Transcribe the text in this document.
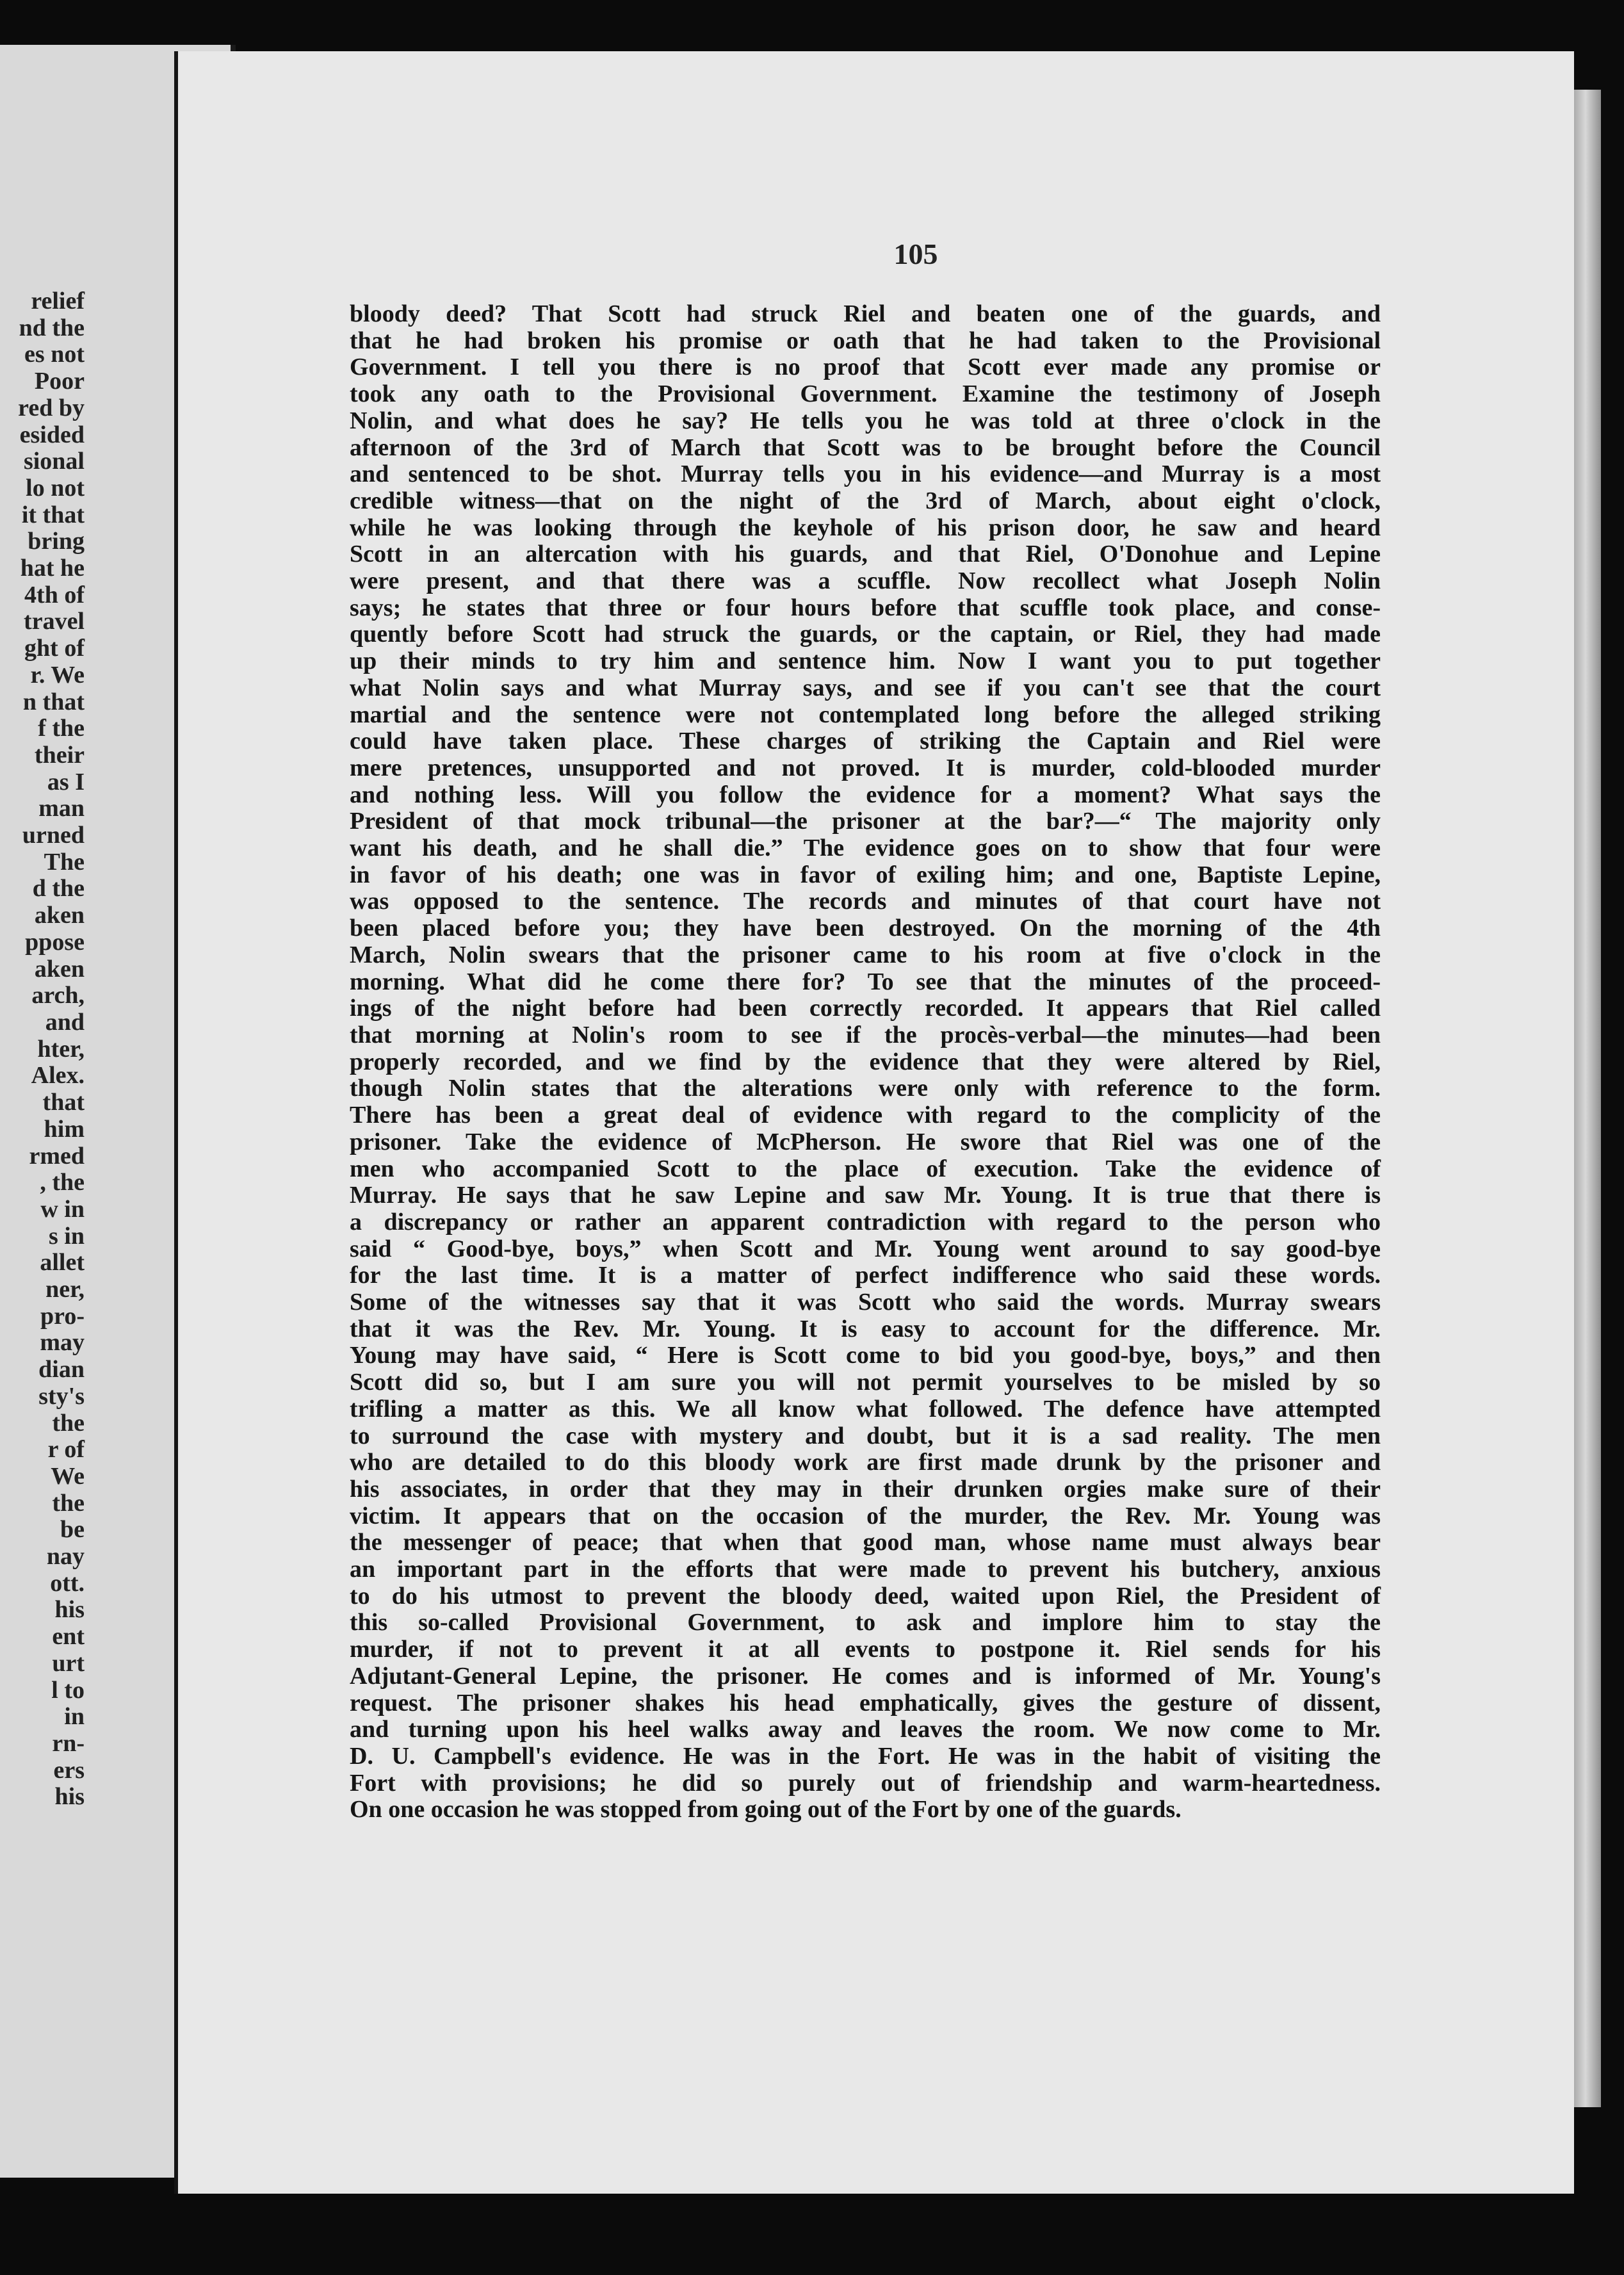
relief
nd the
es not
Poor
red by
esided
sional
lo not
it that
bring
hat he
4th of
travel
ght of
r. We
n that
f the
their
as I
man
urned
The
d the
aken
ppose
aken
arch,
and
hter,
Alex.
that
him
rmed
, the
w in
s in
allet
ner,
pro-
may
dian
sty's
the
r of
We
the
be
nay
ott.
his
ent
urt
l to
in
rn-
ers
his
105
bloody deed? That Scott had struck Riel and beaten one of the guards, and
that he had broken his promise or oath that he had taken to the Provisional
Government. I tell you there is no proof that Scott ever made any promise or
took any oath to the Provisional Government. Examine the testimony of Joseph
Nolin, and what does he say? He tells you he was told at three o'clock in the
afternoon of the 3rd of March that Scott was to be brought before the Council
and sentenced to be shot. Murray tells you in his evidence—and Murray is a most
credible witness—that on the night of the 3rd of March, about eight o'clock,
while he was looking through the keyhole of his prison door, he saw and heard
Scott in an altercation with his guards, and that Riel, O'Donohue and Lepine
were present, and that there was a scuffle. Now recollect what Joseph Nolin
says; he states that three or four hours before that scuffle took place, and conse-
quently before Scott had struck the guards, or the captain, or Riel, they had made
up their minds to try him and sentence him. Now I want you to put together
what Nolin says and what Murray says, and see if you can't see that the court
martial and the sentence were not contemplated long before the alleged striking
could have taken place. These charges of striking the Captain and Riel were
mere pretences, unsupported and not proved. It is murder, cold-blooded murder
and nothing less. Will you follow the evidence for a moment? What says the
President of that mock tribunal—the prisoner at the bar?—“ The majority only
want his death, and he shall die.” The evidence goes on to show that four were
in favor of his death; one was in favor of exiling him; and one, Baptiste Lepine,
was opposed to the sentence. The records and minutes of that court have not
been placed before you; they have been destroyed. On the morning of the 4th
March, Nolin swears that the prisoner came to his room at five o'clock in the
morning. What did he come there for? To see that the minutes of the proceed-
ings of the night before had been correctly recorded. It appears that Riel called
that morning at Nolin's room to see if the procès-verbal—the minutes—had been
properly recorded, and we find by the evidence that they were altered by Riel,
though Nolin states that the alterations were only with reference to the form.
There has been a great deal of evidence with regard to the complicity of the
prisoner. Take the evidence of McPherson. He swore that Riel was one of the
men who accompanied Scott to the place of execution. Take the evidence of
Murray. He says that he saw Lepine and saw Mr. Young. It is true that there is
a discrepancy or rather an apparent contradiction with regard to the person who
said “ Good-bye, boys,” when Scott and Mr. Young went around to say good-bye
for the last time. It is a matter of perfect indifference who said these words.
Some of the witnesses say that it was Scott who said the words. Murray swears
that it was the Rev. Mr. Young. It is easy to account for the difference. Mr.
Young may have said, “ Here is Scott come to bid you good-bye, boys,” and then
Scott did so, but I am sure you will not permit yourselves to be misled by so
trifling a matter as this. We all know what followed. The defence have attempted
to surround the case with mystery and doubt, but it is a sad reality. The men
who are detailed to do this bloody work are first made drunk by the prisoner and
his associates, in order that they may in their drunken orgies make sure of their
victim. It appears that on the occasion of the murder, the Rev. Mr. Young was
the messenger of peace; that when that good man, whose name must always bear
an important part in the efforts that were made to prevent his butchery, anxious
to do his utmost to prevent the bloody deed, waited upon Riel, the President of
this so-called Provisional Government, to ask and implore him to stay the
murder, if not to prevent it at all events to postpone it. Riel sends for his
Adjutant-General Lepine, the prisoner. He comes and is informed of Mr. Young's
request. The prisoner shakes his head emphatically, gives the gesture of dissent,
and turning upon his heel walks away and leaves the room. We now come to Mr.
D. U. Campbell's evidence. He was in the Fort. He was in the habit of visiting the
Fort with provisions; he did so purely out of friendship and warm-heartedness.
On one occasion he was stopped from going out of the Fort by one of the guards.
